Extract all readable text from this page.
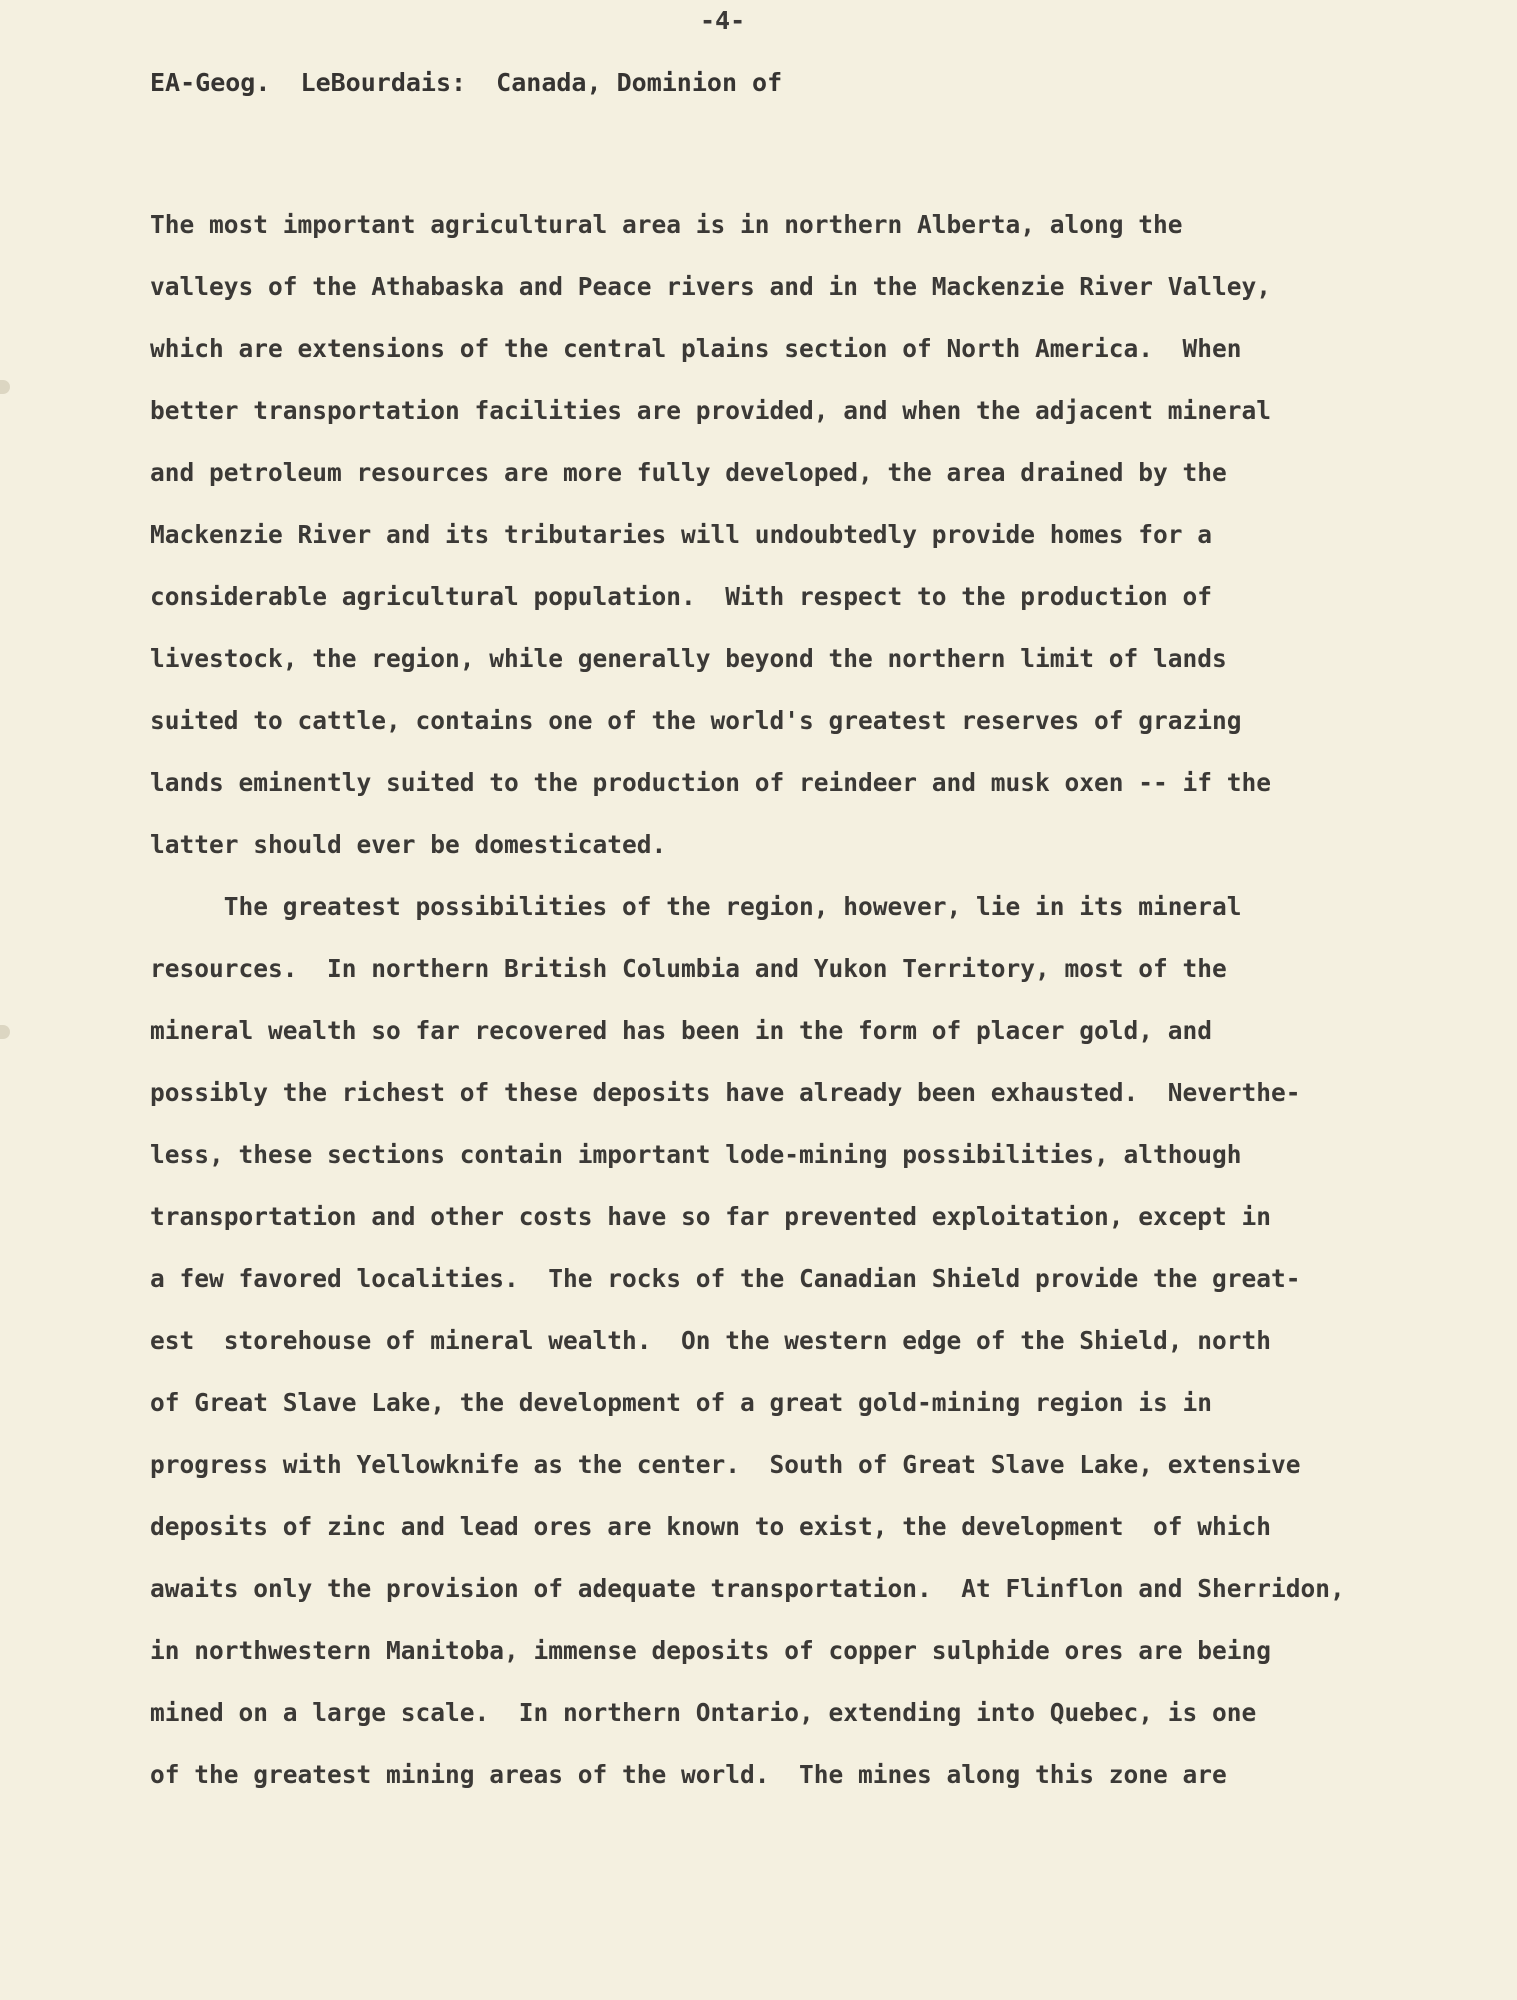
-4-
EA-Geog.  LeBourdais:  Canada, Dominion of
The most important agricultural area is in northern Alberta, along the
valleys of the Athabaska and Peace rivers and in the Mackenzie River Valley,
which are extensions of the central plains section of North America.  When
better transportation facilities are provided, and when the adjacent mineral
and petroleum resources are more fully developed, the area drained by the
Mackenzie River and its tributaries will undoubtedly provide homes for a
considerable agricultural population.  With respect to the production of
livestock, the region, while generally beyond the northern limit of lands
suited to cattle, contains one of the world's greatest reserves of grazing
lands eminently suited to the production of reindeer and musk oxen -- if the
latter should ever be domesticated.
The greatest possibilities of the region, however, lie in its mineral
resources.  In northern British Columbia and Yukon Territory, most of the
mineral wealth so far recovered has been in the form of placer gold, and
possibly the richest of these deposits have already been exhausted.  Neverthe-
less, these sections contain important lode-mining possibilities, although
transportation and other costs have so far prevented exploitation, except in
a few favored localities.  The rocks of the Canadian Shield provide the great-
est  storehouse of mineral wealth.  On the western edge of the Shield, north
of Great Slave Lake, the development of a great gold-mining region is in
progress with Yellowknife as the center.  South of Great Slave Lake, extensive
deposits of zinc and lead ores are known to exist, the development  of which
awaits only the provision of adequate transportation.  At Flinflon and Sherridon,
in northwestern Manitoba, immense deposits of copper sulphide ores are being
mined on a large scale.  In northern Ontario, extending into Quebec, is one
of the greatest mining areas of the world.  The mines along this zone are
